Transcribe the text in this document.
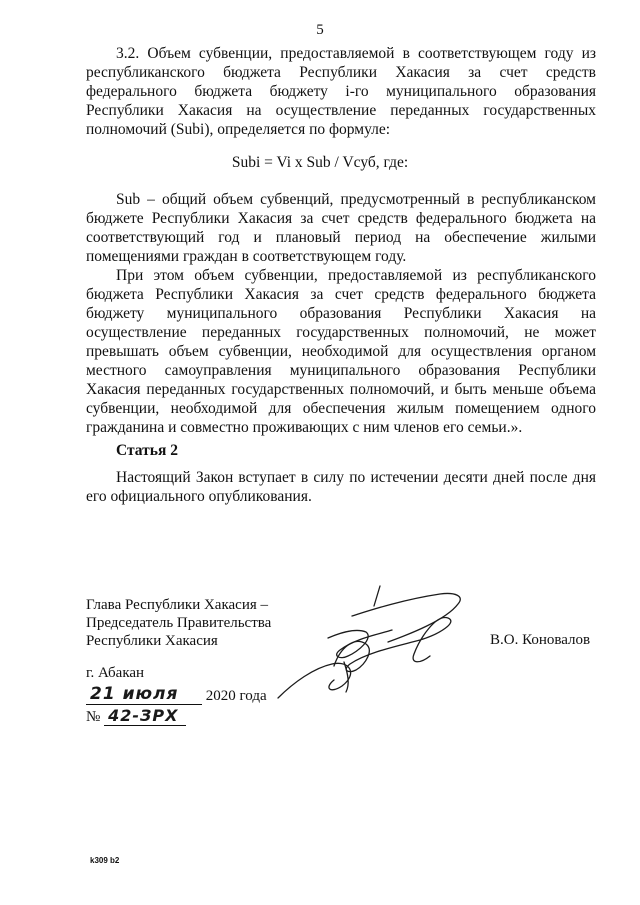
5

3.2. Объем субвенции, предоставляемой в соответствующем году из республиканского бюджета Республики Хакасия за счет средств федерального бюджета бюджету i-го муниципального образования Республики Хакасия на осуществление переданных государственных полномочий (Subi), определяется по формуле:

Subi = Vi x Sub / Vсуб, где:

Sub – общий объем субвенций, предусмотренный в республиканском бюджете Республики Хакасия за счет средств федерального бюджета на соответствующий год и плановый период на обеспечение жилыми помещениями граждан в соответствующем году.

При этом объем субвенции, предоставляемой из республиканского бюджета Республики Хакасия за счет средств федерального бюджета бюджету муниципального образования Республики Хакасия на осуществление переданных государственных полномочий, не может превышать объем субвенции, необходимой для осуществления органом местного самоуправления муниципального образования Республики Хакасия переданных государственных полномочий, и быть меньше объема субвенции, необходимой для обеспечения жилым помещением одного гражданина и совместно проживающих с ним членов его семьи.».

Статья 2

Настоящий Закон вступает в силу по истечении десяти дней после дня его официального опубликования.

Глава Республики Хакасия –
Председатель Правительства
Республики Хакасия	В.О. Коновалов
г. Абакан
21 июля 2020 года
№ 42-ЗРХ
k309 b2
